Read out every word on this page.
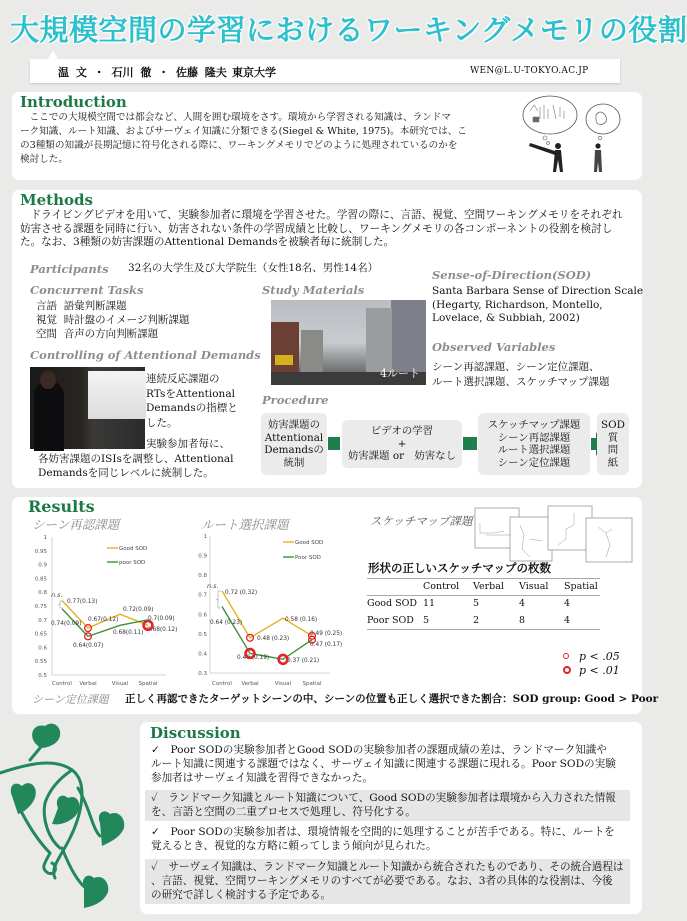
大規模空間の学習におけるワーキングメモリの役割
温 文 ・ 石川 徹 ・ 佐藤 隆夫 東京大学	WEN@L.U-TOKYO.AC.JP
Introduction
　ここでの大規模空間では都会など、人間を囲む環境をさす。環境から学習される知識は、ランドマ
ーク知識、ルート知識、およびサーヴェイ知識に分類できる(Siegel & White, 1975)。本研究では、こ
の3種類の知識が長期記憶に符号化される際に、ワーキングメモリでどのように処理されているのかを
検討した。
Methods
　ドライビングビデオを用いて、実験参加者に環境を学習させた。学習の際に、言語、視覚、空間ワーキングメモリをそれぞれ
妨害させる課題を同時に行い、妨害されない条件の学習成績と比較し、ワーキングメモリの各コンポーネントの役割を検討し
た。なお、3種類の妨害課題のAttentional Demandsを被験者毎に統制した。
Participants 32名の大学生及び大学院生（女性18名、男性14名）
Concurrent Tasks
言語 語彙判断課題
視覚 時計盤のイメージ判断課題
空間 音声の方向判断課題
Controlling of Attentional Demands
連続反応課題の
RTsをAttentional
Demandsの指標と
した。
実験参加者毎に、
各妨害課題のISIsを調整し、Attentional
Demandsを同じレベルに統制した。
Study Materials
4ルート
Sense-of-Direction(SOD)
Santa Barbara Sense of Direction Scale
(Hegarty, Richardson, Montello,
Lovelace, & Subbiah, 2002)
Observed Variables
シーン再認課題、シーン定位課題、
ルート選択課題、スケッチマップ課題
Procedure
妨害課題の
Attentional
Demandsの
統制
ビデオの学習
+
妨害課題 or　妨害なし
スケッチマップ課題
シーン再認課題
ルート選択課題
シーン定位課題
SOD
質
問
紙
Results
シーン再認課題
0.5
0.55
0.6
0.65
0.7
0.75
0.8
0.85
0.9
0.95
1
Control Verbal	Visual Spatial
Good SOD
0.77(0.13)
0.67(0.12)
0.72(0.09)
0.68(0.12)
poor SOD
0.74(0.09)
0.64(0.07)
0.68(0.11)
0.7(0.09)
n.s.
ルート選択課題
0.3
0.4
0.5
0.6
0.7
0.8
0.9
1
Control Verbal	Visual Spatial
Good SOD
0.72 (0.32)
0.48 (0.23)
0.58 (0.16)
0.49 (0.25)
Poor SOD
0.64 (0.23)
0.40 (0.19)	0.37 (0.21)
0.47 (0.17)
n.s.
スケッチマップ課題
形状の正しいスケッチマップの枚数
	Control	Verbal	Visual	Spatial
Good SOD	11	5	4	4
Poor SOD	5	2	8	4
p < .05
p < .01
シーン定位課題 正しく再認できたターゲットシーンの中、シーンの位置も正しく選択できた割合：SOD group: Good > Poor
Discussion
✓　Poor SODの実験参加者とGood SODの実験参加者の課題成績の差は、ランドマーク知識や
ルート知識に関連する課題ではなく、サーヴェイ知識に関連する課題に現れる。Poor SODの実験
参加者はサーヴェイ知識を習得できなかった。
✓　ランドマーク知識とルート知識について、Good SODの実験参加者は環境から入力された情報
を、言語と空間の二重プロセスで処理し、符号化する。
✓　Poor SODの実験参加者は、環境情報を空間的に処理することが苦手である。特に、ルートを
覚えるとき、視覚的な方略に頼ってしまう傾向が見られた。
✓　サーヴェイ知識は、ランドマーク知識とルート知識から統合されたものであり、その統合過程は
、言語、視覚、空間ワーキングメモリのすべてが必要である。なお、3者の具体的な役割は、今後
の研究で詳しく検討する予定である。
